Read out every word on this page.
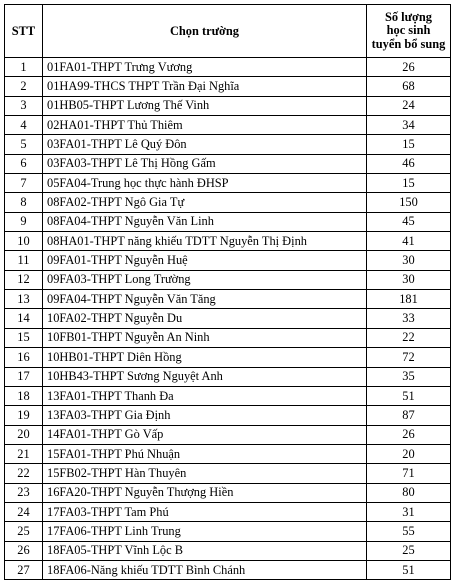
STT	Chọn trường	Số lượng
học sinh
tuyển bổ sung
1	01FA01-THPT Trưng Vương	26
2	01HA99-THCS THPT Trần Đại Nghĩa	68
3	01HB05-THPT Lương Thế Vinh	24
4	02HA01-THPT Thủ Thiêm	34
5	03FA01-THPT Lê Quý Đôn	15
6	03FA03-THPT Lê Thị Hồng Gấm	46
7	05FA04-Trung học thực hành ĐHSP	15
8	08FA02-THPT Ngô Gia Tự	150
9	08FA04-THPT Nguyễn Văn Linh	45
10	08HA01-THPT năng khiếu TDTT Nguyễn Thị Định	41
11	09FA01-THPT Nguyễn Huệ	30
12	09FA03-THPT Long Trường	30
13	09FA04-THPT Nguyễn Văn Tăng	181
14	10FA02-THPT Nguyễn Du	33
15	10FB01-THPT Nguyễn An Ninh	22
16	10HB01-THPT Diên Hồng	72
17	10HB43-THPT Sương Nguyệt Anh	35
18	13FA01-THPT Thanh Đa	51
19	13FA03-THPT Gia Định	87
20	14FA01-THPT Gò Vấp	26
21	15FA01-THPT Phú Nhuận	20
22	15FB02-THPT Hàn Thuyên	71
23	16FA20-THPT Nguyễn Thượng Hiền	80
24	17FA03-THPT Tam Phú	31
25	17FA06-THPT Linh Trung	55
26	18FA05-THPT Vĩnh Lộc B	25
27	18FA06-Năng khiếu TDTT Bình Chánh	51
